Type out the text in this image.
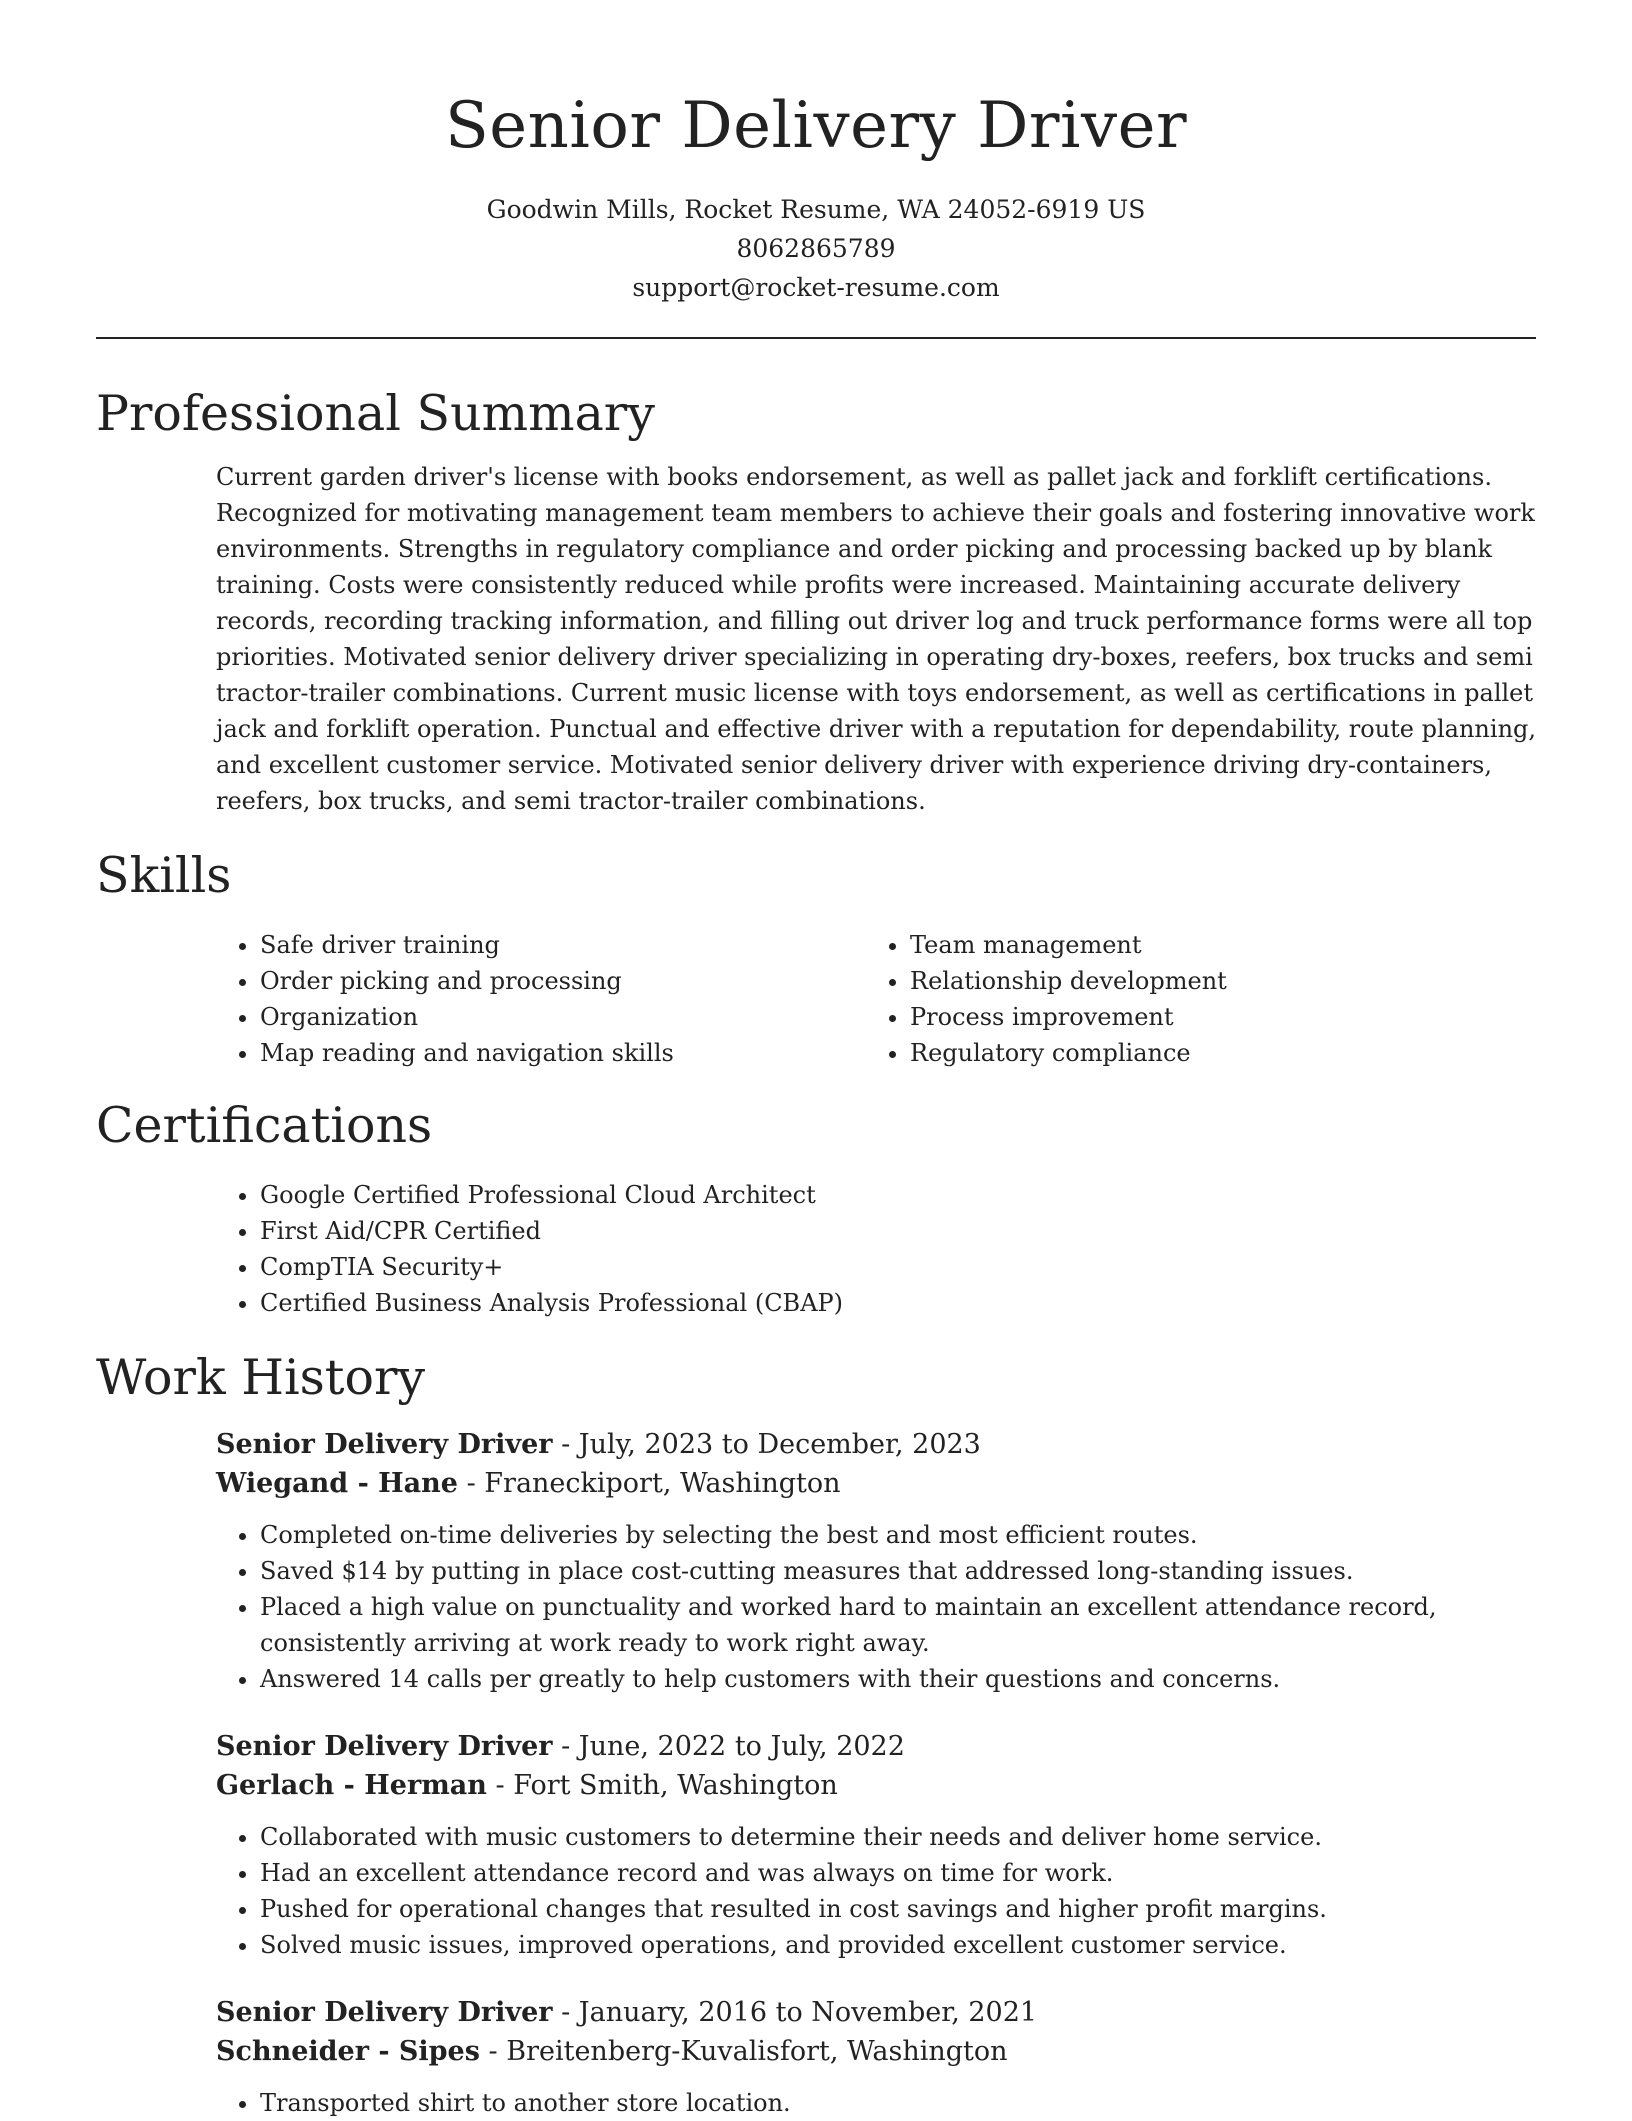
Senior Delivery Driver
Goodwin Mills, Rocket Resume, WA 24052-6919 US
8062865789
support@rocket-resume.com
Professional Summary

Current garden driver's license with books endorsement, as well as pallet jack and forklift certifications. Recognized for motivating management team members to achieve their goals and fostering innovative work environments. Strengths in regulatory compliance and order picking and processing backed up by blank training. Costs were consistently reduced while profits were increased. Maintaining accurate delivery records, recording tracking information, and filling out driver log and truck performance forms were all top priorities. Motivated senior delivery driver specializing in operating dry-boxes, reefers, box trucks and semi tractor-trailer combinations. Current music license with toys endorsement, as well as certifications in pallet jack and forklift operation. Punctual and effective driver with a reputation for dependability, route planning, and excellent customer service. Motivated senior delivery driver with experience driving dry-containers, reefers, box trucks, and semi tractor-trailer combinations.

Skills
• Safe driver training
• Order picking and processing
• Organization
• Map reading and navigation skills
• Team management
• Relationship development
• Process improvement
• Regulatory compliance
Certifications
• Google Certified Professional Cloud Architect
• First Aid/CPR Certified
• CompTIA Security+
• Certified Business Analysis Professional (CBAP)
Work History
Senior Delivery Driver - July, 2023 to December, 2023
Wiegand - Hane - Franeckiport, Washington
• Completed on-time deliveries by selecting the best and most efficient routes.
• Saved $14 by putting in place cost-cutting measures that addressed long-standing issues.
• Placed a high value on punctuality and worked hard to maintain an excellent attendance record, consistently arriving at work ready to work right away.
• Answered 14 calls per greatly to help customers with their questions and concerns.
Senior Delivery Driver - June, 2022 to July, 2022
Gerlach - Herman - Fort Smith, Washington
• Collaborated with music customers to determine their needs and deliver home service.
• Had an excellent attendance record and was always on time for work.
• Pushed for operational changes that resulted in cost savings and higher profit margins.
• Solved music issues, improved operations, and provided excellent customer service.
Senior Delivery Driver - January, 2016 to November, 2021
Schneider - Sipes - Breitenberg-Kuvalisfort, Washington
• Transported shirt to another store location.
